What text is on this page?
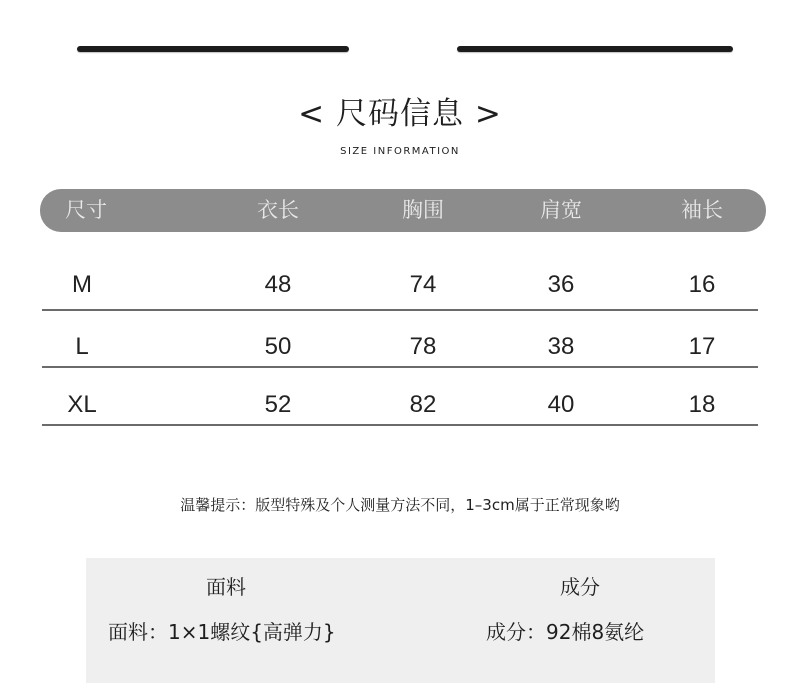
< 尺码信息 >
SIZE INFORMATION
尺寸	衣长	胸围	肩宽	袖长
M	48	74	36	16
L	50	78	38	17
XL	52	82	40	18
温馨提示：版型特殊及个人测量方法不同，1–3cm属于正常现象哟
面料	成分
面料：1×1螺纹{高弹力}	成分：92棉8氨纶
